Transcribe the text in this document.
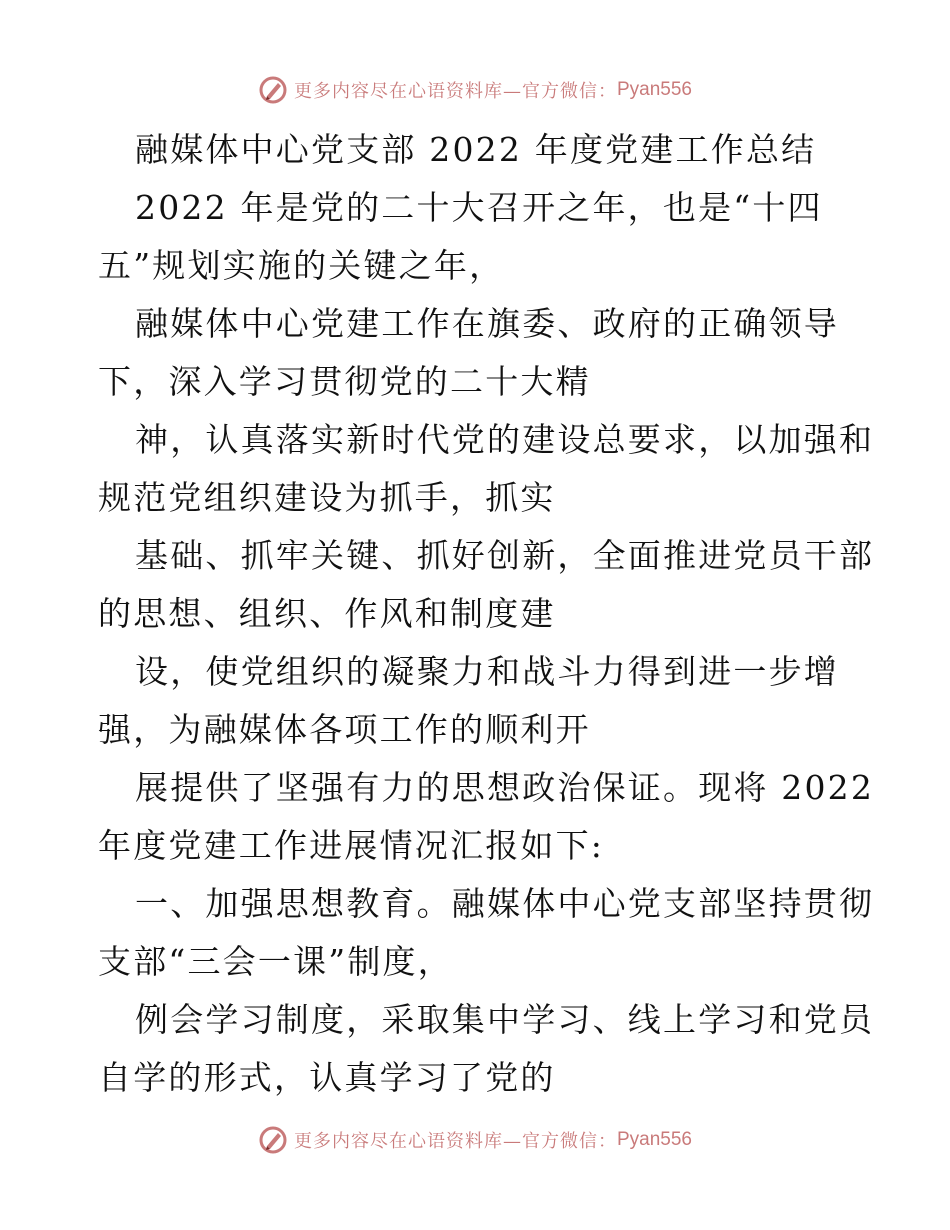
更多内容尽在心语资料库—官方微信： Pyan556
融媒体中心党支部 2022 年度党建工作总结
2022 年是党的二十大召开之年，也是“十四
五”规划实施的关键之年，
融媒体中心党建工作在旗委、政府的正确领导
下，深入学习贯彻党的二十大精
神，认真落实新时代党的建设总要求，以加强和
规范党组织建设为抓手，抓实
基础、抓牢关键、抓好创新，全面推进党员干部
的思想、组织、作风和制度建
设，使党组织的凝聚力和战斗力得到进一步增
强，为融媒体各项工作的顺利开
展提供了坚强有力的思想政治保证。现将 2022
年度党建工作进展情况汇报如下:
一、加强思想教育。融媒体中心党支部坚持贯彻
支部“三会一课”制度，
例会学习制度，采取集中学习、线上学习和党员
自学的形式，认真学习了党的
更多内容尽在心语资料库—官方微信： Pyan556
